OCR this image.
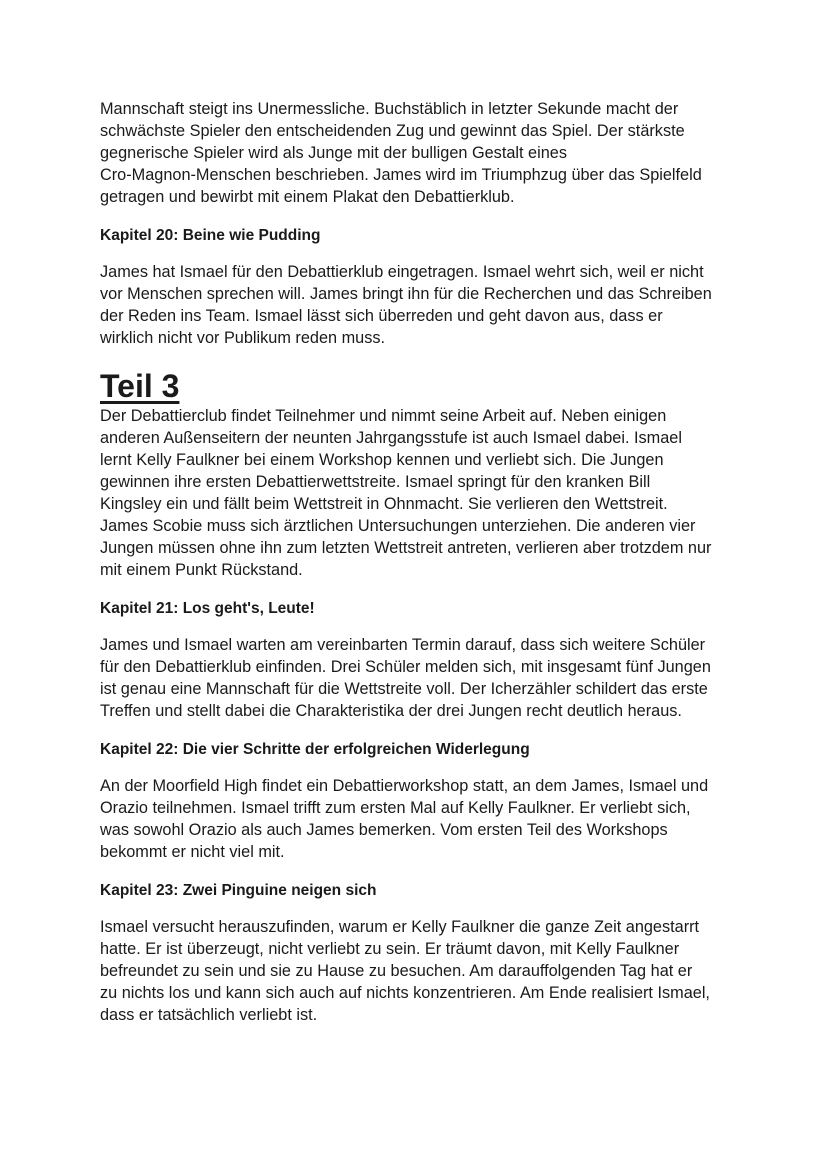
Mannschaft steigt ins Unermessliche. Buchstäblich in letzter Sekunde macht der
schwächste Spieler den entscheidenden Zug und gewinnt das Spiel. Der stärkste
gegnerische Spieler wird als Junge mit der bulligen Gestalt eines
Cro-Magnon-Menschen beschrieben. James wird im Triumphzug über das Spielfeld
getragen und bewirbt mit einem Plakat den Debattierklub.

Kapitel 20: Beine wie Pudding

James hat Ismael für den Debattierklub eingetragen. Ismael wehrt sich, weil er nicht
vor Menschen sprechen will. James bringt ihn für die Recherchen und das Schreiben
der Reden ins Team. Ismael lässt sich überreden und geht davon aus, dass er
wirklich nicht vor Publikum reden muss.

Teil 3

Der Debattierclub findet Teilnehmer und nimmt seine Arbeit auf. Neben einigen
anderen Außenseitern der neunten Jahrgangsstufe ist auch Ismael dabei. Ismael
lernt Kelly Faulkner bei einem Workshop kennen und verliebt sich. Die Jungen
gewinnen ihre ersten Debattierwettstreite. Ismael springt für den kranken Bill
Kingsley ein und fällt beim Wettstreit in Ohnmacht. Sie verlieren den Wettstreit.
James Scobie muss sich ärztlichen Untersuchungen unterziehen. Die anderen vier
Jungen müssen ohne ihn zum letzten Wettstreit antreten, verlieren aber trotzdem nur
mit einem Punkt Rückstand.

Kapitel 21: Los geht's, Leute!

James und Ismael warten am vereinbarten Termin darauf, dass sich weitere Schüler
für den Debattierklub einfinden. Drei Schüler melden sich, mit insgesamt fünf Jungen
ist genau eine Mannschaft für die Wettstreite voll. Der Icherzähler schildert das erste
Treffen und stellt dabei die Charakteristika der drei Jungen recht deutlich heraus.

Kapitel 22: Die vier Schritte der erfolgreichen Widerlegung

An der Moorfield High findet ein Debattierworkshop statt, an dem James, Ismael und
Orazio teilnehmen. Ismael trifft zum ersten Mal auf Kelly Faulkner. Er verliebt sich,
was sowohl Orazio als auch James bemerken. Vom ersten Teil des Workshops
bekommt er nicht viel mit.

Kapitel 23: Zwei Pinguine neigen sich

Ismael versucht herauszufinden, warum er Kelly Faulkner die ganze Zeit angestarrt
hatte. Er ist überzeugt, nicht verliebt zu sein. Er träumt davon, mit Kelly Faulkner
befreundet zu sein und sie zu Hause zu besuchen. Am darauffolgenden Tag hat er
zu nichts los und kann sich auch auf nichts konzentrieren. Am Ende realisiert Ismael,
dass er tatsächlich verliebt ist.
